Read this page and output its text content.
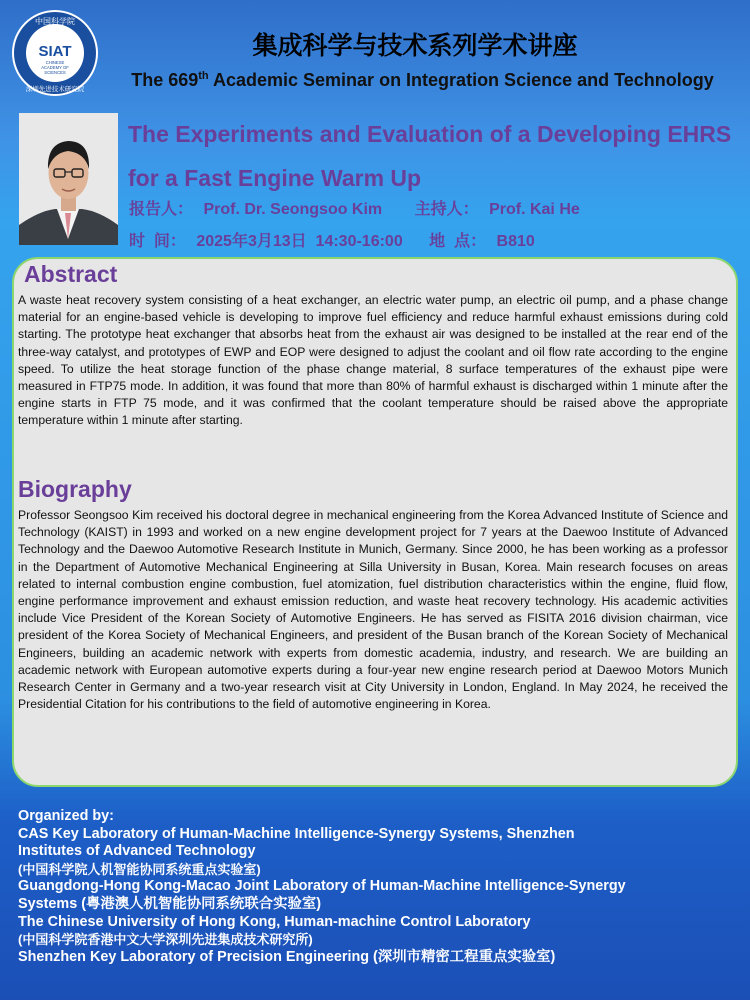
中国科学院
深圳先进技术研究院
SIAT
CHINESE
ACADEMY OF
SCIENCES
集成科学与技术系列学术讲座
The 669th Academic Seminar on Integration Science and Technology
The Experiments and Evaluation of a Developing EHRS
for a Fast Engine Warm Up
报告人： Prof. Dr. Seongsoo Kim 主持人： Prof. Kai He
时  间： 2025年3月13日  14:30-16:00 地  点： B810
Abstract
A waste heat recovery system consisting of a heat exchanger, an electric water pump, an electric oil pump, and a phase change material for an engine-based vehicle is developing to improve fuel efficiency and reduce harmful exhaust emissions during cold starting. The prototype heat exchanger that absorbs heat from the exhaust air was designed to be installed at the rear end of the three-way catalyst, and prototypes of EWP and EOP were designed to adjust the coolant and oil flow rate according to the engine speed. To utilize the heat storage function of the phase change material, 8 surface temperatures of the exhaust pipe were measured in FTP75 mode. In addition, it was found that more than 80% of harmful exhaust is discharged within 1 minute after the engine starts in FTP 75 mode, and it was confirmed that the coolant temperature should be raised above the appropriate temperature within 1 minute after starting.
Biography
Professor Seongsoo Kim received his doctoral degree in mechanical engineering from the Korea Advanced Institute of Science and Technology (KAIST) in 1993 and worked on a new engine development project for 7 years at the Daewoo Institute of Advanced Technology and the Daewoo Automotive Research Institute in Munich, Germany. Since 2000, he has been working as a professor in the Department of Automotive Mechanical Engineering at Silla University in Busan, Korea. Main research focuses on areas related to internal combustion engine combustion, fuel atomization, fuel distribution characteristics within the engine, fluid flow, engine performance improvement and exhaust emission reduction, and waste heat recovery technology. His academic activities include Vice President of the Korean Society of Automotive Engineers. He has served as FISITA 2016 division chairman, vice president of the Korea Society of Mechanical Engineers, and president of the Busan branch of the Korean Society of Mechanical Engineers, building an academic network with experts from domestic academia, industry, and research. We are building an academic network with European automotive experts during a four-year new engine research period at Daewoo Motors Munich Research Center in Germany and a two-year research visit at City University in London, England. In May 2024, he received the Presidential Citation for his contributions to the field of automotive engineering in Korea.
Organized by:
CAS Key Laboratory of Human-Machine Intelligence-Synergy Systems, Shenzhen
Institutes of Advanced Technology
(中国科学院人机智能协同系统重点实验室)
Guangdong-Hong Kong-Macao Joint Laboratory of Human-Machine Intelligence-Synergy
Systems (粤港澳人机智能协同系统联合实验室)
The Chinese University of Hong Kong, Human-machine Control Laboratory
(中国科学院香港中文大学深圳先进集成技术研究所)
Shenzhen Key Laboratory of Precision Engineering (深圳市精密工程重点实验室)
